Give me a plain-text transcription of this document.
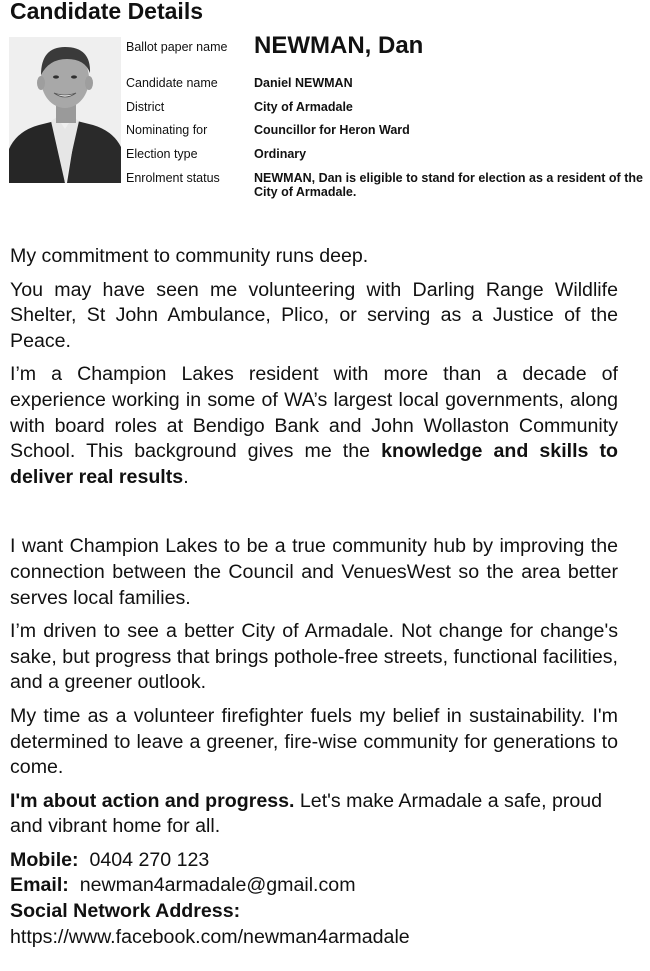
Candidate Details
Ballot paper name	NEWMAN, Dan
Candidate name	Daniel NEWMAN
District	City of Armadale
Nominating for	Councillor for Heron Ward
Election type	Ordinary
Enrolment status	NEWMAN, Dan is eligible to stand for election as a resident of the City of Armadale.

My commitment to community runs deep.

You may have seen me volunteering with Darling Range Wildlife Shelter, St John Ambulance, Plico, or serving as a Justice of the Peace.

I’m a Champion Lakes resident with more than a decade of experience working in some of WA’s largest local governments, along with board roles at Bendigo Bank and John Wollaston Community School. This background gives me the knowledge and skills to deliver real results.

I want Champion Lakes to be a true community hub by improving the connection between the Council and VenuesWest so the area better serves local families.

I’m driven to see a better City of Armadale. Not change for change's sake, but progress that brings pothole-free streets, functional facilities, and a greener outlook.

My time as a volunteer firefighter fuels my belief in sustainability. I'm determined to leave a greener, fire-wise community for generations to come.

I'm about action and progress. Let's make Armadale a safe, proud and vibrant home for all.

Mobile: 0404 270 123
Email: newman4armadale@gmail.com
Social Network Address:
https://www.facebook.com/newman4armadale
